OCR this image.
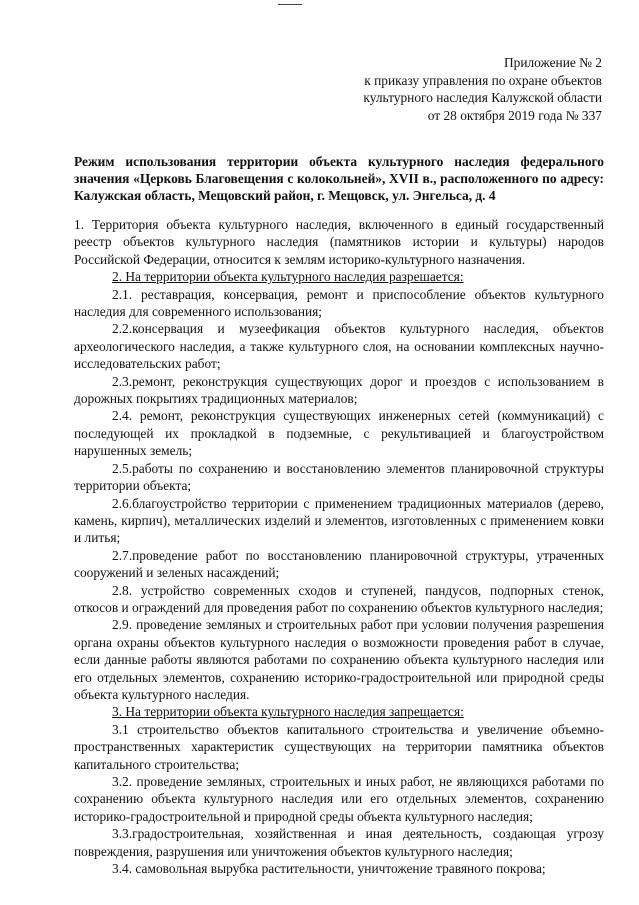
Приложение № 2
к приказу управления по охране объектов
культурного наследия Калужской области
от 28 октября 2019 года № 337
Режим использования территории объекта культурного наследия федерального значения «Церковь Благовещения с колокольней», XVII в., расположенного по адресу: Калужская область, Мещовский район, г. Мещовск, ул. Энгельса, д. 4

1. Территория объекта культурного наследия, включенного в единый государственный реестр объектов культурного наследия (памятников истории и культуры) народов Российской Федерации, относится к землям историко-культурного назначения.

2. На территории объекта культурного наследия разрешается:

2.1. реставрация, консервация, ремонт и приспособление объектов культурного наследия для современного использования;

2.2.консервация и музеефикация объектов культурного наследия, объектов археологического наследия, а также культурного слоя, на основании комплексных научно-исследовательских работ;

2.3.ремонт, реконструкция существующих дорог и проездов с использованием в дорожных покрытиях традиционных материалов;

2.4. ремонт, реконструкция существующих инженерных сетей (коммуникаций) с последующей их прокладкой в подземные, с рекультивацией и благоустройством нарушенных земель;

2.5.работы по сохранению и восстановлению элементов планировочной структуры территории объекта;

2.6.благоустройство территории с применением традиционных материалов (дерево, камень, кирпич), металлических изделий и элементов, изготовленных с применением ковки и литья;

2.7.проведение работ по восстановлению планировочной структуры, утраченных сооружений и зеленых насаждений;

2.8. устройство современных сходов и ступеней, пандусов, подпорных стенок, откосов и ограждений для проведения работ по сохранению объектов культурного наследия;

2.9. проведение земляных и строительных работ при условии получения разрешения органа охраны объектов культурного наследия о возможности проведения работ в случае, если данные работы являются работами по сохранению объекта культурного наследия или его отдельных элементов, сохранению историко-градостроительной или природной среды объекта культурного наследия.

3. На территории объекта культурного наследия запрещается:

3.1 строительство объектов капитального строительства и увеличение объемно-пространственных характеристик существующих на территории памятника объектов капитального строительства;

3.2. проведение земляных, строительных и иных работ, не являющихся работами по сохранению объекта культурного наследия или его отдельных элементов, сохранению историко-градостроительной и природной среды объекта культурного наследия;

3.3.градостроительная, хозяйственная и иная деятельность, создающая угрозу повреждения, разрушения или уничтожения объектов культурного наследия;

3.4. самовольная вырубка растительности, уничтожение травяного покрова;
